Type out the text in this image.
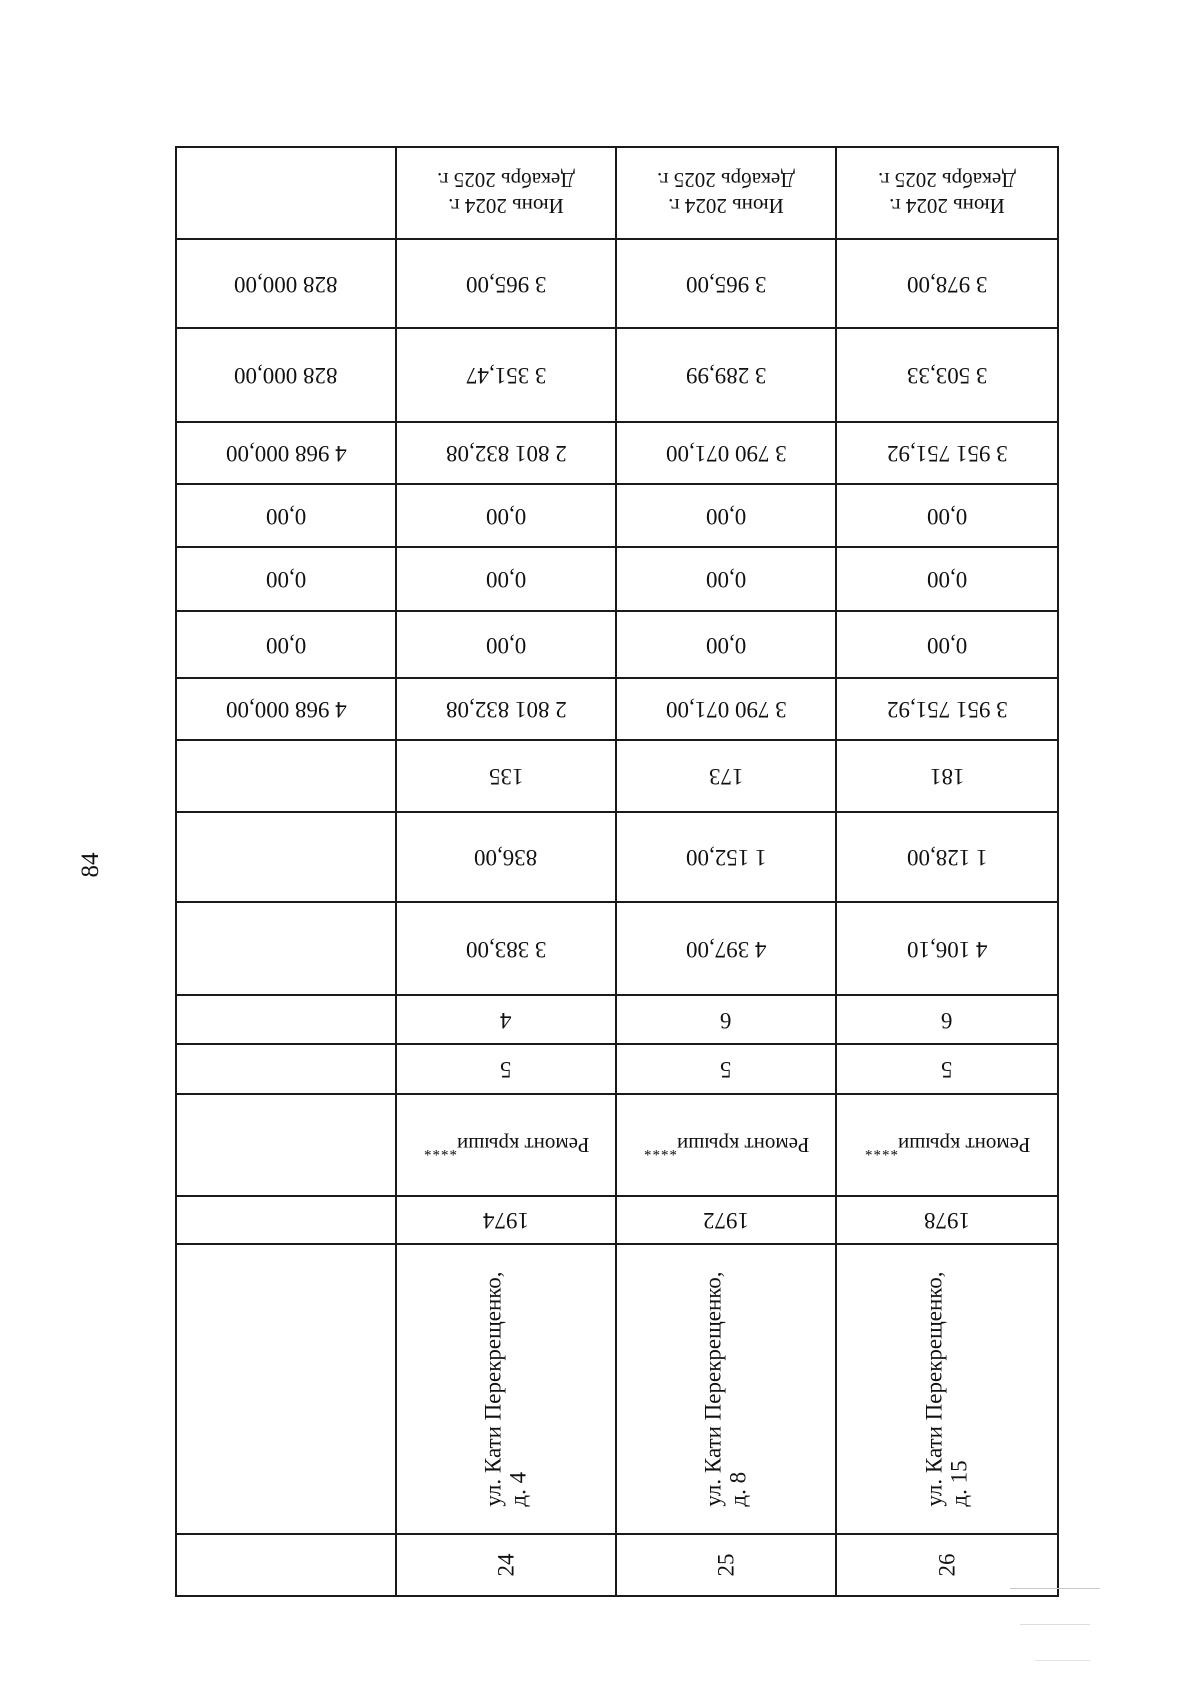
84
828 000,00
828 000,00
4 968 000,00
0,00
0,00
0,00
4 968 000,00
Июнь 2024 г.
Декабрь 2025 г.
3 965,00
3 351,47
2 801 832,08
0,00
0,00
0,00
2 801 832,08
135
836,00
3 383,00
4
5
Ремонт крыши****
1974
ул. Кати Перекрещенко, д. 4
24
Июнь 2024 г.
Декабрь 2025 г.
3 965,00
3 289,99
3 790 071,00
0,00
0,00
0,00
3 790 071,00
173
1 152,00
4 397,00
6
5
Ремонт крыши****
1972
ул. Кати Перекрещенко, д. 8
25
Июнь 2024 г.
Декабрь 2025 г.
3 978,00
3 503,33
3 951 751,92
0,00
0,00
0,00
3 951 751,92
181
1 128,00
4 106,10
6
5
Ремонт крыши****
1978
ул. Кати Перекрещенко, д. 15
26
